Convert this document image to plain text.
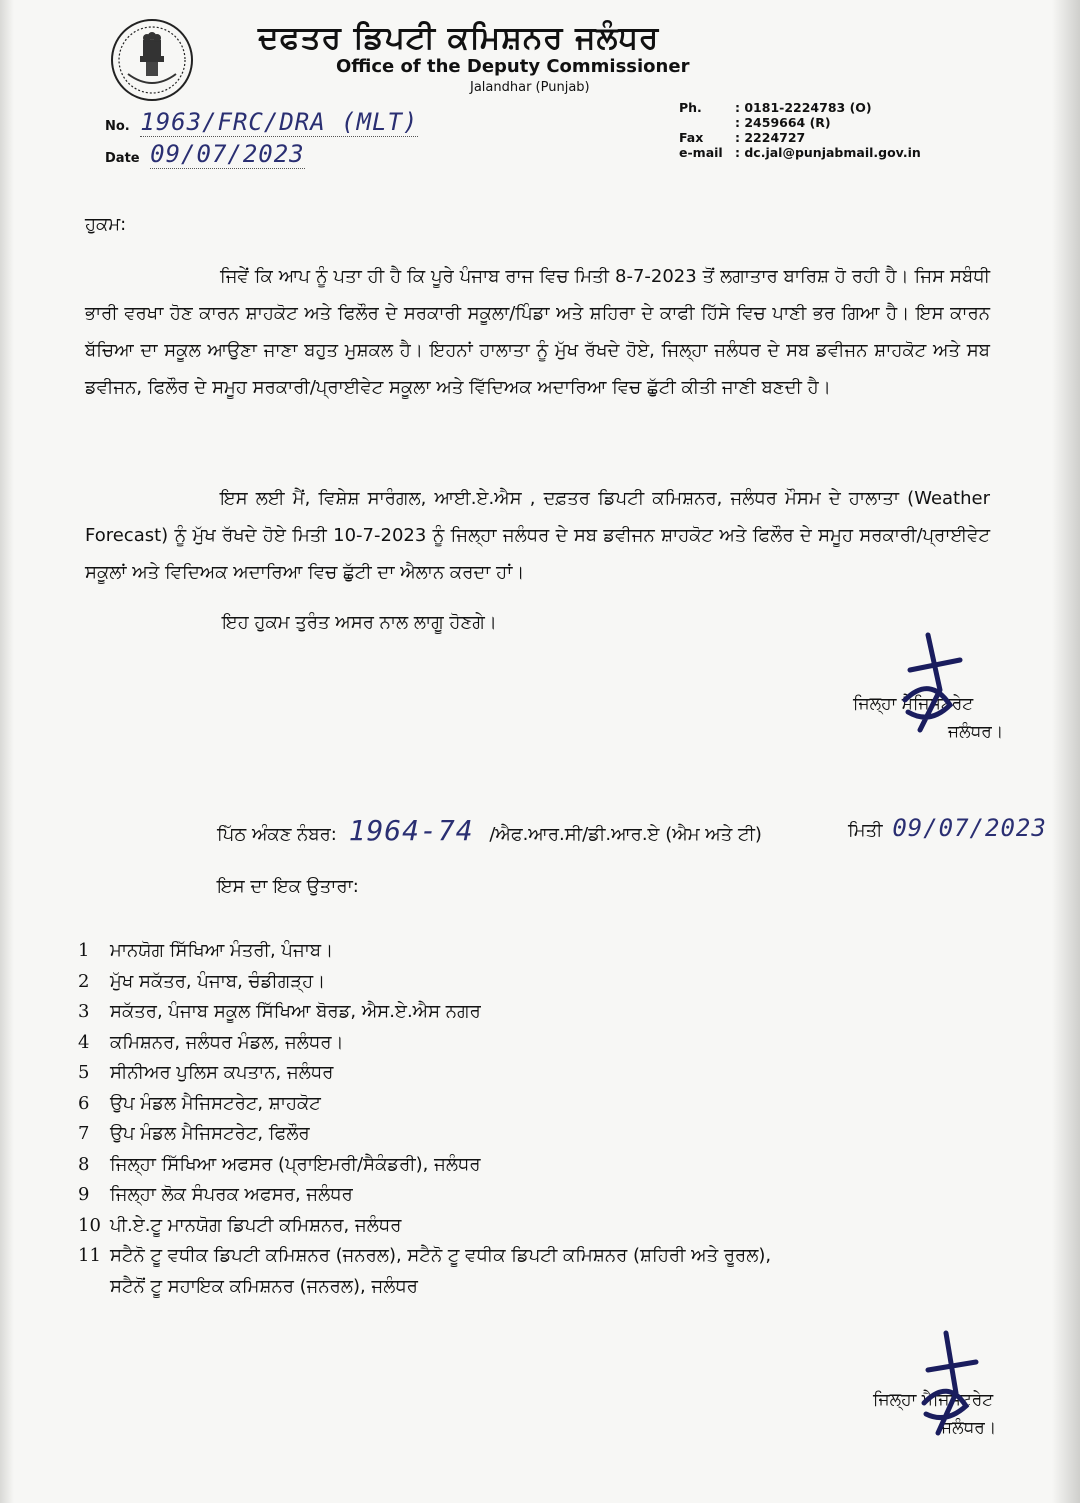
ਦਫਤਰ ਡਿਪਟੀ ਕਮਿਸ਼ਨਰ ਜਲੰਧਰ
Office of the Deputy Commissioner
Jalandhar (Punjab)
No. 1963/FRC/DRA (MLT)
Date 09/07/2023
Ph.	: 0181-2224783 (O)
: 2459664 (R)
Fax	: 2224727
e-mail : dc.jal@punjabmail.gov.in
ਹੁਕਮ:
ਜਿਵੇਂ ਕਿ ਆਪ ਨੂੰ ਪਤਾ ਹੀ ਹੈ ਕਿ ਪੂਰੇ ਪੰਜਾਬ ਰਾਜ ਵਿਚ ਮਿਤੀ 8-7-2023 ਤੋਂ ਲਗਾਤਾਰ ਬਾਰਿਸ਼ ਹੋ ਰਹੀ ਹੈ। ਜਿਸ ਸਬੰਧੀ ਭਾਰੀ ਵਰਖਾ ਹੋਣ ਕਾਰਨ ਸ਼ਾਹਕੋਟ ਅਤੇ ਫਿਲੌਰ ਦੇ ਸਰਕਾਰੀ ਸਕੂਲਾ/ਪਿੰਡਾ ਅਤੇ ਸ਼ਹਿਰਾ ਦੇ ਕਾਫੀ ਹਿੱਸੇ ਵਿਚ ਪਾਣੀ ਭਰ ਗਿਆ ਹੈ। ਇਸ ਕਾਰਨ ਬੱਚਿਆ ਦਾ ਸਕੂਲ ਆਉਣਾ ਜਾਣਾ ਬਹੁਤ ਮੁਸ਼ਕਲ ਹੈ। ਇਹਨਾਂ ਹਾਲਾਤਾ ਨੂੰ ਮੁੱਖ ਰੱਖਦੇ ਹੋਏ, ਜਿਲ੍ਹਾ ਜਲੰਧਰ ਦੇ ਸਬ ਡਵੀਜਨ ਸ਼ਾਹਕੋਟ ਅਤੇ ਸਬ ਡਵੀਜਨ, ਫਿਲੌਰ ਦੇ ਸਮੂਹ ਸਰਕਾਰੀ/ਪ੍ਰਾਈਵੇਟ ਸਕੂਲਾ ਅਤੇ ਵਿੱਦਿਅਕ ਅਦਾਰਿਆ ਵਿਚ ਛੁੱਟੀ ਕੀਤੀ ਜਾਣੀ ਬਣਦੀ ਹੈ।
ਇਸ ਲਈ ਮੈਂ, ਵਿਸ਼ੇਸ਼ ਸਾਰੰਗਲ, ਆਈ.ਏ.ਐਸ , ਦਫ਼ਤਰ ਡਿਪਟੀ ਕਮਿਸ਼ਨਰ, ਜਲੰਧਰ ਮੌਸਮ ਦੇ ਹਾਲਾਤਾ (Weather Forecast) ਨੂੰ ਮੁੱਖ ਰੱਖਦੇ ਹੋਏ ਮਿਤੀ 10-7-2023 ਨੂੰ ਜਿਲ੍ਹਾ ਜਲੰਧਰ ਦੇ ਸਬ ਡਵੀਜਨ ਸ਼ਾਹਕੋਟ ਅਤੇ ਫਿਲੌਰ ਦੇ ਸਮੂਹ ਸਰਕਾਰੀ/ਪ੍ਰਾਈਵੇਟ ਸਕੂਲਾਂ ਅਤੇ ਵਿਦਿਅਕ ਅਦਾਰਿਆ ਵਿਚ ਛੁੱਟੀ ਦਾ ਐਲਾਨ ਕਰਦਾ ਹਾਂ।
ਇਹ ਹੁਕਮ ਤੁਰੰਤ ਅਸਰ ਨਾਲ ਲਾਗੂ ਹੋਣਗੇ।
ਜਿਲ੍ਹਾ ਮੈਜਿਸਟਰੇਟ
ਜਲੰਧਰ।
ਪਿੱਠ ਅੰਕਣ ਨੰਬਰ: 1964-74 /ਐਫ.ਆਰ.ਸੀ/ਡੀ.ਆਰ.ਏ (ਐਮ ਅਤੇ ਟੀ)	ਮਿਤੀ 09/07/2023
ਇਸ ਦਾ ਇਕ ਉਤਾਰਾ:
1	ਮਾਨਯੋਗ ਸਿੱਖਿਆ ਮੰਤਰੀ, ਪੰਜਾਬ।
2	ਮੁੱਖ ਸਕੱਤਰ, ਪੰਜਾਬ, ਚੰਡੀਗੜ੍ਹ।
3	ਸਕੱਤਰ, ਪੰਜਾਬ ਸਕੂਲ ਸਿੱਖਿਆ ਬੋਰਡ, ਐਸ.ਏ.ਐਸ ਨਗਰ
4	ਕਮਿਸ਼ਨਰ, ਜਲੰਧਰ ਮੰਡਲ, ਜਲੰਧਰ।
5	ਸੀਨੀਅਰ ਪੁਲਿਸ ਕਪਤਾਨ, ਜਲੰਧਰ
6	ਉਪ ਮੰਡਲ ਮੈਜਿਸਟਰੇਟ, ਸ਼ਾਹਕੋਟ
7	ਉਪ ਮੰਡਲ ਮੈਜਿਸਟਰੇਟ, ਫਿਲੌਰ
8	ਜਿਲ੍ਹਾ ਸਿੱਖਿਆ ਅਫਸਰ (ਪ੍ਰਾਇਮਰੀ/ਸੈਕੰਡਰੀ), ਜਲੰਧਰ
9	ਜਿਲ੍ਹਾ ਲੋਕ ਸੰਪਰਕ ਅਫਸਰ, ਜਲੰਧਰ
10 ਪੀ.ਏ.ਟੂ ਮਾਨਯੋਗ ਡਿਪਟੀ ਕਮਿਸ਼ਨਰ, ਜਲੰਧਰ
11 ਸਟੈਨੋ ਟੂ ਵਧੀਕ ਡਿਪਟੀ ਕਮਿਸ਼ਨਰ (ਜਨਰਲ), ਸਟੈਨੋ ਟੂ ਵਧੀਕ ਡਿਪਟੀ ਕਮਿਸ਼ਨਰ (ਸ਼ਹਿਰੀ ਅਤੇ ਰੂਰਲ),
ਸਟੈਨੋਂ ਟੂ ਸਹਾਇਕ ਕਮਿਸ਼ਨਰ (ਜਨਰਲ), ਜਲੰਧਰ
ਜਿਲ੍ਹਾ ਮੈਜਿਸਟਰੇਟ
ਜਲੰਧਰ।
